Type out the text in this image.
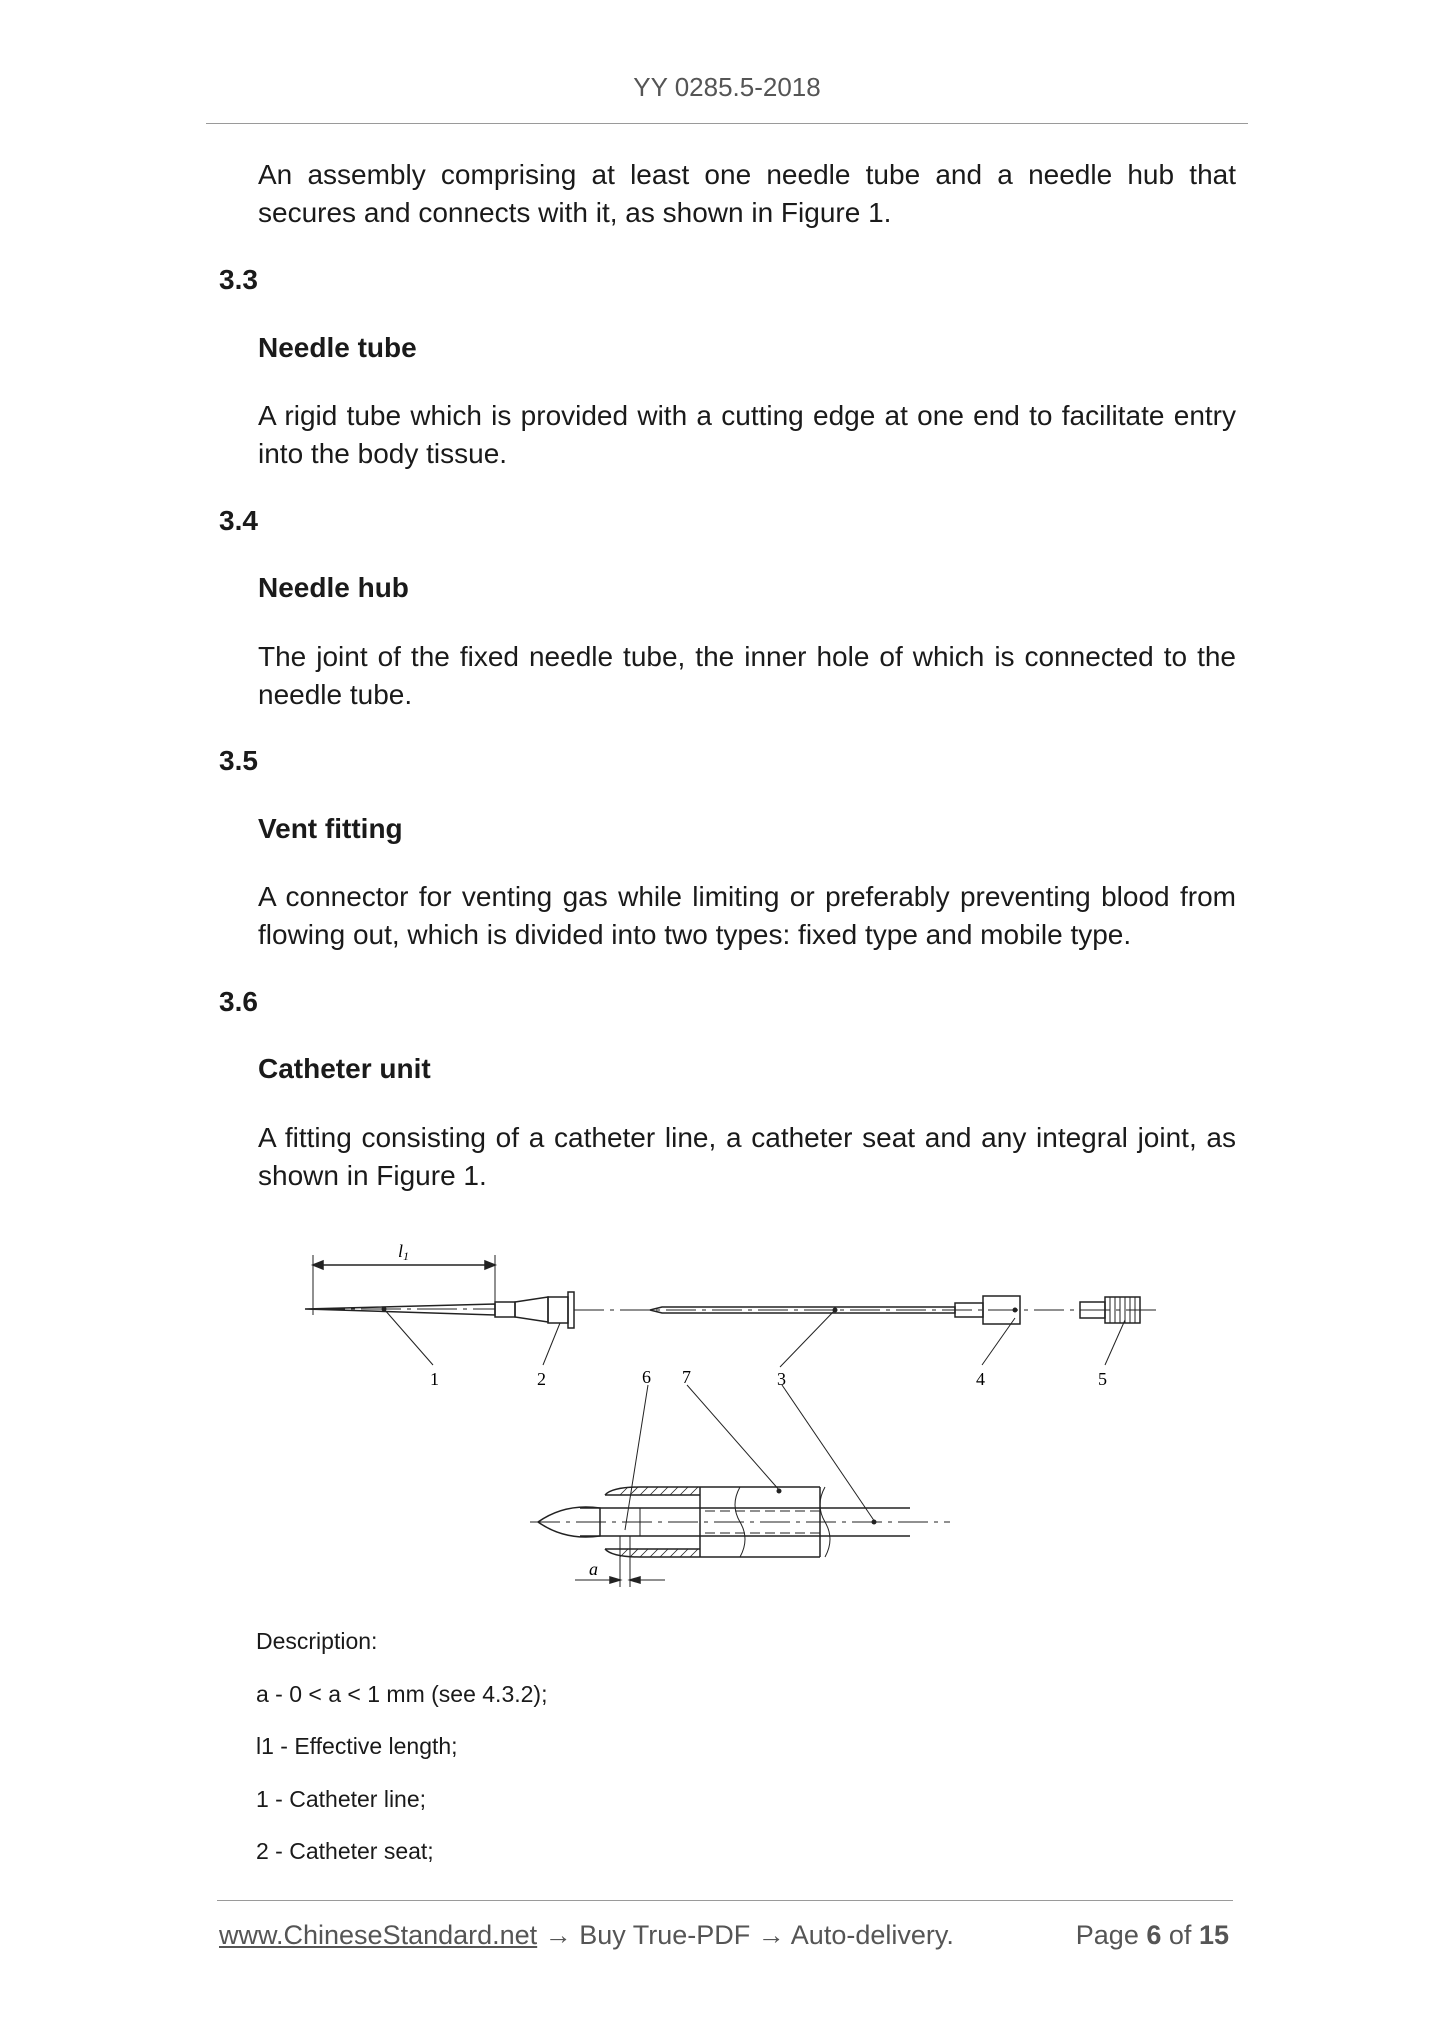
YY 0285.5-2018
An assembly comprising at least one needle tube and a needle hub that secures and connects with it, as shown in Figure 1.
3.3
Needle tube
A rigid tube which is provided with a cutting edge at one end to facilitate entry into the body tissue.
3.4
Needle hub
The joint of the fixed needle tube, the inner hole of which is connected to the needle tube.
3.5
Vent fitting
A connector for venting gas while limiting or preferably preventing blood from flowing out, which is divided into two types: fixed type and mobile type.
3.6
Catheter unit
A fitting consisting of a catheter line, a catheter seat and any integral joint, as shown in Figure 1.
l1
a
1	2	6 7	3	4	5
Description:
a - 0 < a < 1 mm (see 4.3.2);
l1 - Effective length;
1 - Catheter line;
2 - Catheter seat;
www.ChineseStandard.net → Buy True-PDF → Auto-delivery.	Page 6 of 15
